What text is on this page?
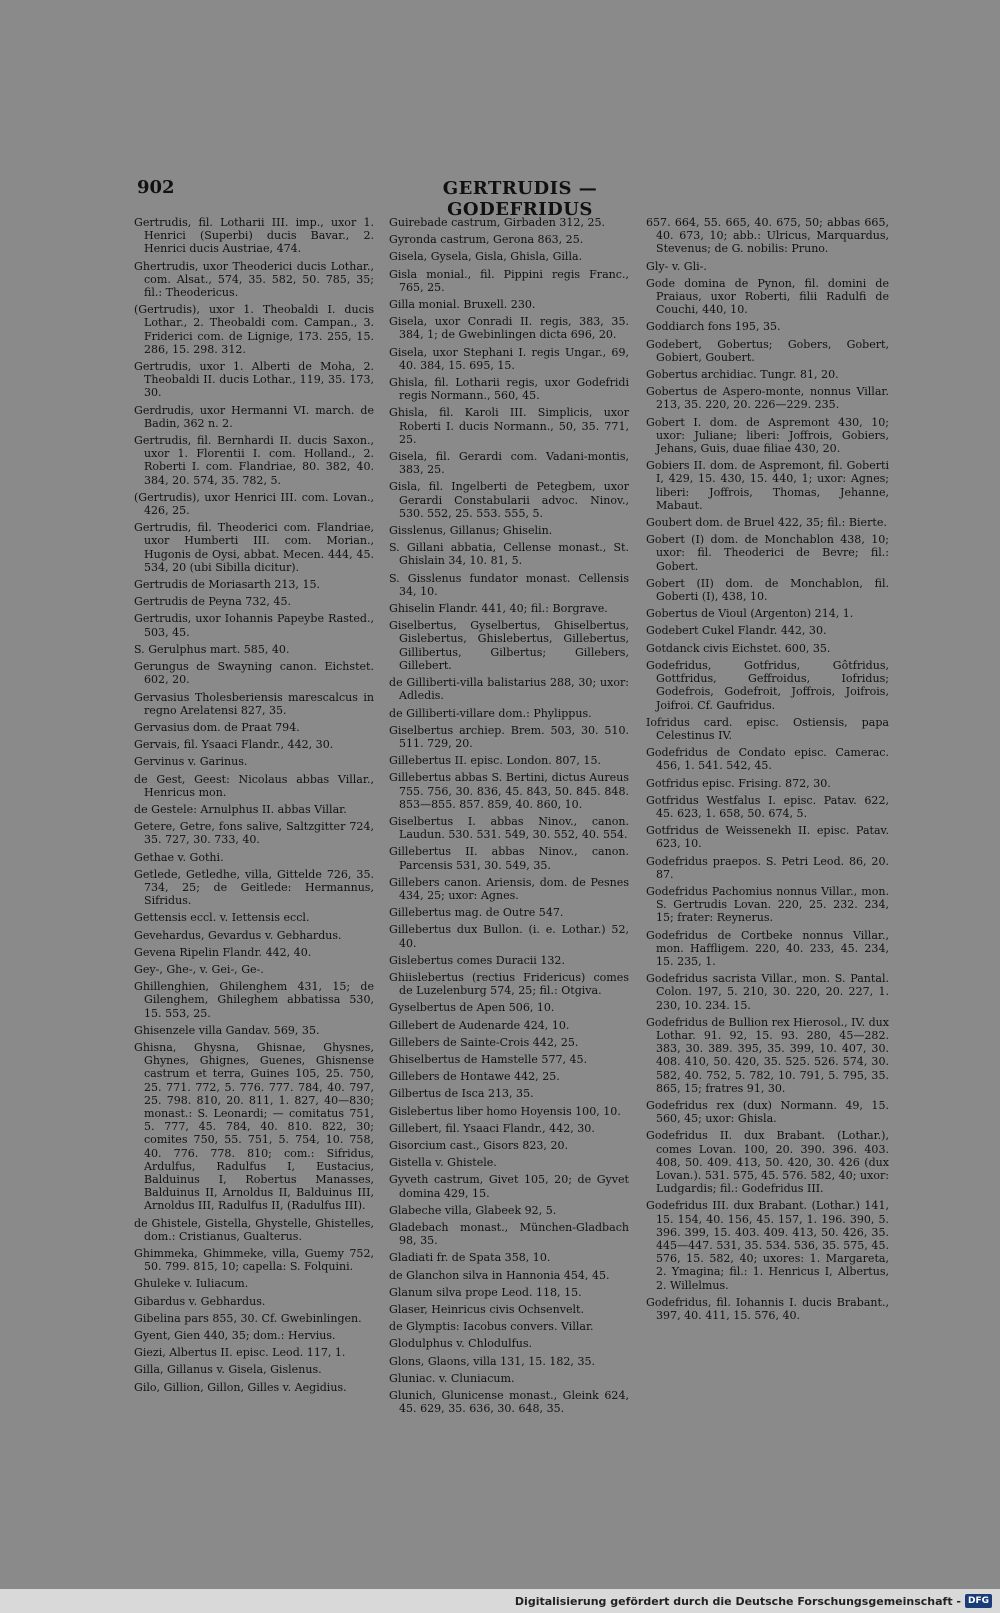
902	GERTRUDIS — GODEFRIDUS

Gertrudis, fil. Lotharii III. imp., uxor 1. Henrici (Superbi) ducis Bavar., 2. Henrici ducis Austriae, 474.

Ghertrudis, uxor Theoderici ducis Lothar., com. Alsat., 574, 35. 582, 50. 785, 35; fil.: Theodericus.

(Gertrudis), uxor 1. Theobaldi I. ducis Lothar., 2. Theobaldi com. Campan., 3. Friderici com. de Lignige, 173. 255, 15. 286, 15. 298. 312.

Gertrudis, uxor 1. Alberti de Moha, 2. Theobaldi II. ducis Lothar., 119, 35. 173, 30.

Gerdrudis, uxor Hermanni VI. march. de Badin, 362 n. 2.

Gertrudis, fil. Bernhardi II. ducis Saxon., uxor 1. Florentii I. com. Holland., 2. Roberti I. com. Flandriae, 80. 382, 40. 384, 20. 574, 35. 782, 5.

(Gertrudis), uxor Henrici III. com. Lovan., 426, 25.

Gertrudis, fil. Theoderici com. Flandriae, uxor Humberti III. com. Morian., Hugonis de Oysi, abbat. Mecen. 444, 45. 534, 20 (ubi Sibilla dicitur).

Gertrudis de Moriasarth 213, 15.

Gertrudis de Peyna 732, 45.

Gertrudis, uxor Iohannis Papeybe Rasted., 503, 45.

S. Gerulphus mart. 585, 40.

Gerungus de Swayning canon. Eichstet. 602, 20.

Gervasius Tholesberiensis marescalcus in regno Arelatensi 827, 35.

Gervasius dom. de Praat 794.

Gervais, fil. Ysaaci Flandr., 442, 30.

Gervinus v. Garinus.

de Gest, Geest: Nicolaus abbas Villar., Henricus mon.

de Gestele: Arnulphus II. abbas Villar.

Getere, Getre, fons salive, Saltzgitter 724, 35. 727, 30. 733, 40.

Gethae v. Gothi.

Getlede, Getledhe, villa, Gittelde 726, 35. 734, 25; de Geitlede: Hermannus, Sifridus.

Gettensis eccl. v. Iettensis eccl.

Gevehardus, Gevardus v. Gebhardus.

Gevena Ripelin Flandr. 442, 40.

Gey-, Ghe-, v. Gei-, Ge-.

Ghillenghien, Ghilenghem 431, 15; de Gilenghem, Ghileghem abbatissa 530, 15. 553, 25.

Ghisenzele villa Gandav. 569, 35.

Ghisna, Ghysna, Ghisnae, Ghysnes, Ghynes, Ghignes, Guenes, Ghisnense castrum et terra, Guines 105, 25. 750, 25. 771. 772, 5. 776. 777. 784, 40. 797, 25. 798. 810, 20. 811, 1. 827, 40—830; monast.: S. Leonardi; — comitatus 751, 5. 777, 45. 784, 40. 810. 822, 30; comites 750, 55. 751, 5. 754, 10. 758, 40. 776. 778. 810; com.: Sifridus, Ardulfus, Radulfus I, Eustacius, Balduinus I, Robertus Manasses, Balduinus II, Arnoldus II, Balduinus III, Arnoldus III, Radulfus II, (Radulfus III).

de Ghistele, Gistella, Ghystelle, Ghistelles, dom.: Cristianus, Gualterus.

Ghimmeka, Ghimmeke, villa, Guemy 752, 50. 799. 815, 10; capella: S. Folquini.

Ghuleke v. Iuliacum.

Gibardus v. Gebhardus.

Gibelina pars 855, 30. Cf. Gwebinlingen.

Gyent, Gien 440, 35; dom.: Hervius.

Giezi, Albertus II. episc. Leod. 117, 1.

Gilla, Gillanus v. Gisela, Gislenus.

Gilo, Gillion, Gillon, Gilles v. Aegidius.

Guirebade castrum, Girbaden 312, 25.

Gyronda castrum, Gerona 863, 25.

Gisela, Gysela, Gisla, Ghisla, Gilla.

Gisla monial., fil. Pippini regis Franc., 765, 25.

Gilla monial. Bruxell. 230.

Gisela, uxor Conradi II. regis, 383, 35. 384, 1; de Gwebinlingen dicta 696, 20.

Gisela, uxor Stephani I. regis Ungar., 69, 40. 384, 15. 695, 15.

Ghisla, fil. Lotharii regis, uxor Godefridi regis Normann., 560, 45.

Ghisla, fil. Karoli III. Simplicis, uxor Roberti I. ducis Normann., 50, 35. 771, 25.

Gisela, fil. Gerardi com. Vadani-montis, 383, 25.

Gisla, fil. Ingelberti de Petegbem, uxor Gerardi Constabularii advoc. Ninov., 530. 552, 25. 553. 555, 5.

Gisslenus, Gillanus; Ghiselin.

S. Gillani abbatia, Cellense monast., St. Ghislain 34, 10. 81, 5.

S. Gisslenus fundator monast. Cellensis 34, 10.

Ghiselin Flandr. 441, 40; fil.: Borgrave.

Giselbertus, Gyselbertus, Ghiselbertus, Gislebertus, Ghislebertus, Gillebertus, Gillibertus, Gilbertus; Gillebers, Gillebert.

de Gilliberti-villa balistarius 288, 30; uxor: Adledis.

de Gilliberti-villare dom.: Phylippus.

Giselbertus archiep. Brem. 503, 30. 510. 511. 729, 20.

Gillebertus II. episc. London. 807, 15.

Gillebertus abbas S. Bertini, dictus Aureus 755. 756, 30. 836, 45. 843, 50. 845. 848. 853—855. 857. 859, 40. 860, 10.

Giselbertus I. abbas Ninov., canon. Laudun. 530. 531. 549, 30. 552, 40. 554.

Gillebertus II. abbas Ninov., canon. Parcensis 531, 30. 549, 35.

Gillebers canon. Ariensis, dom. de Pesnes 434, 25; uxor: Agnes.

Gillebertus mag. de Outre 547.

Gillebertus dux Bullon. (i. e. Lothar.) 52, 40.

Gislebertus comes Duracii 132.

Ghiislebertus (rectius Fridericus) comes de Luzelenburg 574, 25; fil.: Otgiva.

Gyselbertus de Apen 506, 10.

Gillebert de Audenarde 424, 10.

Gillebers de Sainte-Crois 442, 25.

Ghiselbertus de Hamstelle 577, 45.

Gillebers de Hontawe 442, 25.

Gilbertus de Isca 213, 35.

Gislebertus liber homo Hoyensis 100, 10.

Gillebert, fil. Ysaaci Flandr., 442, 30.

Gisorcium cast., Gisors 823, 20.

Gistella v. Ghistele.

Gyveth castrum, Givet 105, 20; de Gyvet domina 429, 15.

Glabeche villa, Glabeek 92, 5.

Gladebach monast., München-Gladbach 98, 35.

Gladiati fr. de Spata 358, 10.

de Glanchon silva in Hannonia 454, 45.

Glanum silva prope Leod. 118, 15.

Glaser, Heinricus civis Ochsenvelt.

de Glymptis: Iacobus convers. Villar.

Glodulphus v. Chlodulfus.

Glons, Glaons, villa 131, 15. 182, 35.

Gluniac. v. Cluniacum.

Glunich, Glunicense monast., Gleink 624, 45. 629, 35. 636, 30. 648, 35.

657. 664, 55. 665, 40. 675, 50; abbas 665, 40. 673, 10; abb.: Ulricus, Marquardus, Stevenus; de G. nobilis: Pruno.

Gly- v. Gli-.

Gode domina de Pynon, fil. domini de Praiaus, uxor Roberti, filii Radulfi de Couchi, 440, 10.

Goddiarch fons 195, 35.

Godebert, Gobertus; Gobers, Gobert, Gobiert, Goubert.

Gobertus archidiac. Tungr. 81, 20.

Gobertus de Aspero-monte, nonnus Villar. 213, 35. 220, 20. 226—229. 235.

Gobert I. dom. de Aspremont 430, 10; uxor: Juliane; liberi: Joffrois, Gobiers, Jehans, Guis, duae filiae 430, 20.

Gobiers II. dom. de Aspremont, fil. Goberti I, 429, 15. 430, 15. 440, 1; uxor: Agnes; liberi: Joffrois, Thomas, Jehanne, Mabaut.

Goubert dom. de Bruel 422, 35; fil.: Bierte.

Gobert (I) dom. de Monchablon 438, 10; uxor: fil. Theoderici de Bevre; fil.: Gobert.

Gobert (II) dom. de Monchablon, fil. Goberti (I), 438, 10.

Gobertus de Vioul (Argenton) 214, 1.

Godebert Cukel Flandr. 442, 30.

Gotdanck civis Eichstet. 600, 35.

Godefridus, Gotfridus, Gôtfridus, Gottfridus, Geffroidus, Iofridus; Godefrois, Godefroit, Joffrois, Joifrois, Joifroi. Cf. Gaufridus.

Iofridus card. episc. Ostiensis, papa Celestinus IV.

Godefridus de Condato episc. Camerac. 456, 1. 541. 542, 45.

Gotfridus episc. Frising. 872, 30.

Gotfridus Westfalus I. episc. Patav. 622, 45. 623, 1. 658, 50. 674, 5.

Gotfridus de Weissenekh II. episc. Patav. 623, 10.

Godefridus praepos. S. Petri Leod. 86, 20. 87.

Godefridus Pachomius nonnus Villar., mon. S. Gertrudis Lovan. 220, 25. 232. 234, 15; frater: Reynerus.

Godefridus de Cortbeke nonnus Villar., mon. Haffligem. 220, 40. 233, 45. 234, 15. 235, 1.

Godefridus sacrista Villar., mon. S. Pantal. Colon. 197, 5. 210, 30. 220, 20. 227, 1. 230, 10. 234. 15.

Godefridus de Bullion rex Hierosol., IV. dux Lothar. 91. 92, 15. 93. 280, 45—282. 383, 30. 389. 395, 35. 399, 10. 407, 30. 408. 410, 50. 420, 35. 525. 526. 574, 30. 582, 40. 752, 5. 782, 10. 791, 5. 795, 35. 865, 15; fratres 91, 30.

Godefridus rex (dux) Normann. 49, 15. 560, 45; uxor: Ghisla.

Godefridus II. dux Brabant. (Lothar.), comes Lovan. 100, 20. 390. 396. 403. 408, 50. 409. 413, 50. 420, 30. 426 (dux Lovan.). 531. 575, 45. 576. 582, 40; uxor: Ludgardis; fil.: Godefridus III.

Godefridus III. dux Brabant. (Lothar.) 141, 15. 154, 40. 156, 45. 157, 1. 196. 390, 5. 396. 399, 15. 403. 409. 413, 50. 426, 35. 445—447. 531, 35. 534. 536, 35. 575, 45. 576, 15. 582, 40; uxores: 1. Margareta, 2. Ymagina; fil.: 1. Henricus I, Albertus, 2. Willelmus.

Godefridus, fil. Iohannis I. ducis Brabant., 397, 40. 411, 15. 576, 40.

Digitalisierung gefördert durch die Deutsche Forschungsgemeinschaft - DFG
